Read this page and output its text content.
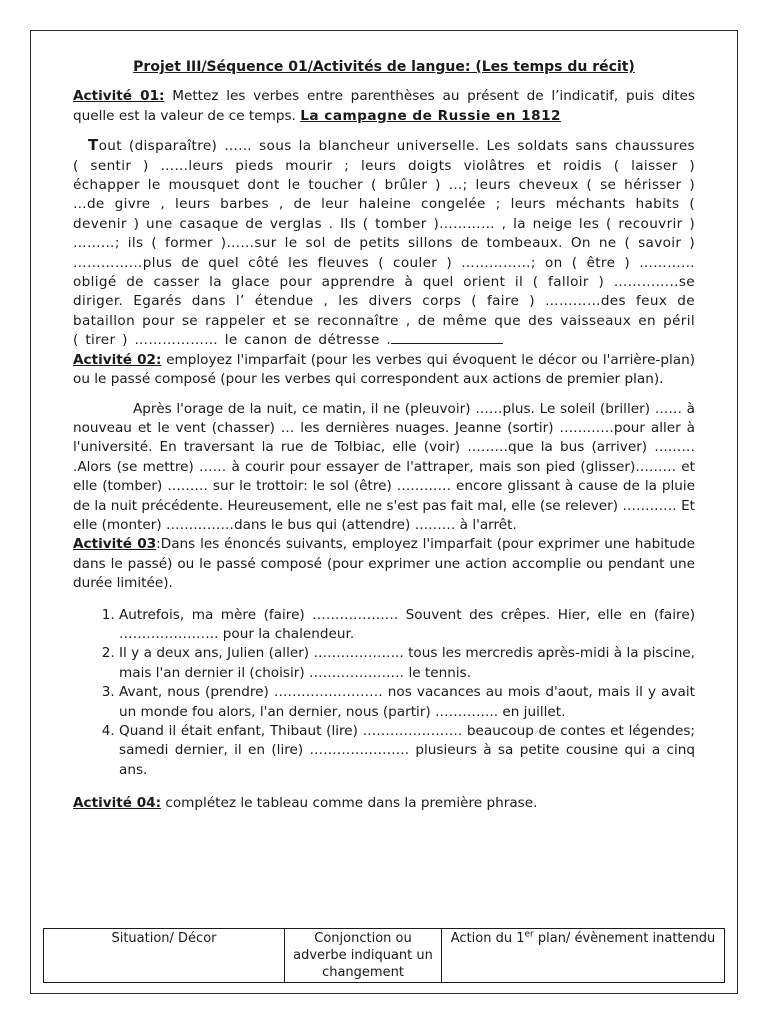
Projet III/Séquence 01/Activités de langue: (Les temps du récit)

Activité 01: Mettez les verbes entre parenthèses au présent de l’indicatif, puis dites quelle est la valeur de ce temps. La campagne de Russie en 1812

Tout (disparaître) …… sous la blancheur universelle. Les soldats sans chaussures ( sentir ) ……leurs pieds mourir ; leurs doigts violâtres et roidis ( laisser ) échapper le mousquet dont le toucher ( brûler ) …; leurs cheveux ( se hérisser ) …de givre , leurs barbes , de leur haleine congelée ; leurs méchants habits ( devenir ) une casaque de verglas . Ils ( tomber )………… , la neige les ( recouvrir ) ………; ils ( former )……sur le sol de petits sillons de tombeaux. On ne ( savoir ) ……………plus de quel côté les fleuves ( couler ) ……………; on ( être ) ………… obligé de casser la glace pour apprendre à quel orient il ( falloir ) …………..se diriger. Egarés dans l’ étendue , les divers corps ( faire ) …………des feux de bataillon pour se rappeler et se reconnaître , de même que des vaisseaux en péril ( tirer ) ……………… le canon de détresse .

Activité 02: employez l'imparfait (pour les verbes qui évoquent le décor ou l'arrière-plan) ou le passé composé (pour les verbes qui correspondent aux actions de premier plan).

Après l'orage de la nuit, ce matin, il ne (pleuvoir) ……plus. Le soleil (briller) …… à nouveau et le vent (chasser) … les dernières nuages. Jeanne (sortir) …………pour aller à l'université. En traversant la rue de Tolbiac, elle (voir) ………que la bus (arriver) ……… .Alors (se mettre) …… à courir pour essayer de l'attraper, mais son pied (glisser)……… et elle (tomber) ……… sur le trottoir: le sol (être) ………… encore glissant à cause de la pluie de la nuit précédente. Heureusement, elle ne s'est pas fait mal, elle (se relever) ………… Et elle (monter) ……………dans le bus qui (attendre) ……… à l'arrêt.

Activité 03:Dans les énoncés suivants, employez l'imparfait (pour exprimer une habitude dans le passé) ou le passé composé (pour exprimer une action accomplie ou pendant une durée limitée).

1. Autrefois, ma mère (faire) ………………. Souvent des crêpes. Hier, elle en (faire) …………………. pour la chalendeur.
2. Il y a deux ans, Julien (aller) ……………….. tous les mercredis après-midi à la piscine, mais l'an dernier il (choisir) ………………… le tennis.
3. Avant, nous (prendre) …………………… nos vacances au mois d'aout, mais il y avait un monde fou alors, l'an dernier, nous (partir) ………….. en juillet.
4. Quand il était enfant, Thibaut (lire) …………………. beaucoup de contes et légendes; samedi dernier, il en (lire) …………………. plusieurs à sa petite cousine qui a cinq ans.

Activité 04: complétez le tableau comme dans la première phrase.

Situation/ Décor	Conjonction ou adverbe indiquant un changement	Action du 1er plan/ évènement inattendu
